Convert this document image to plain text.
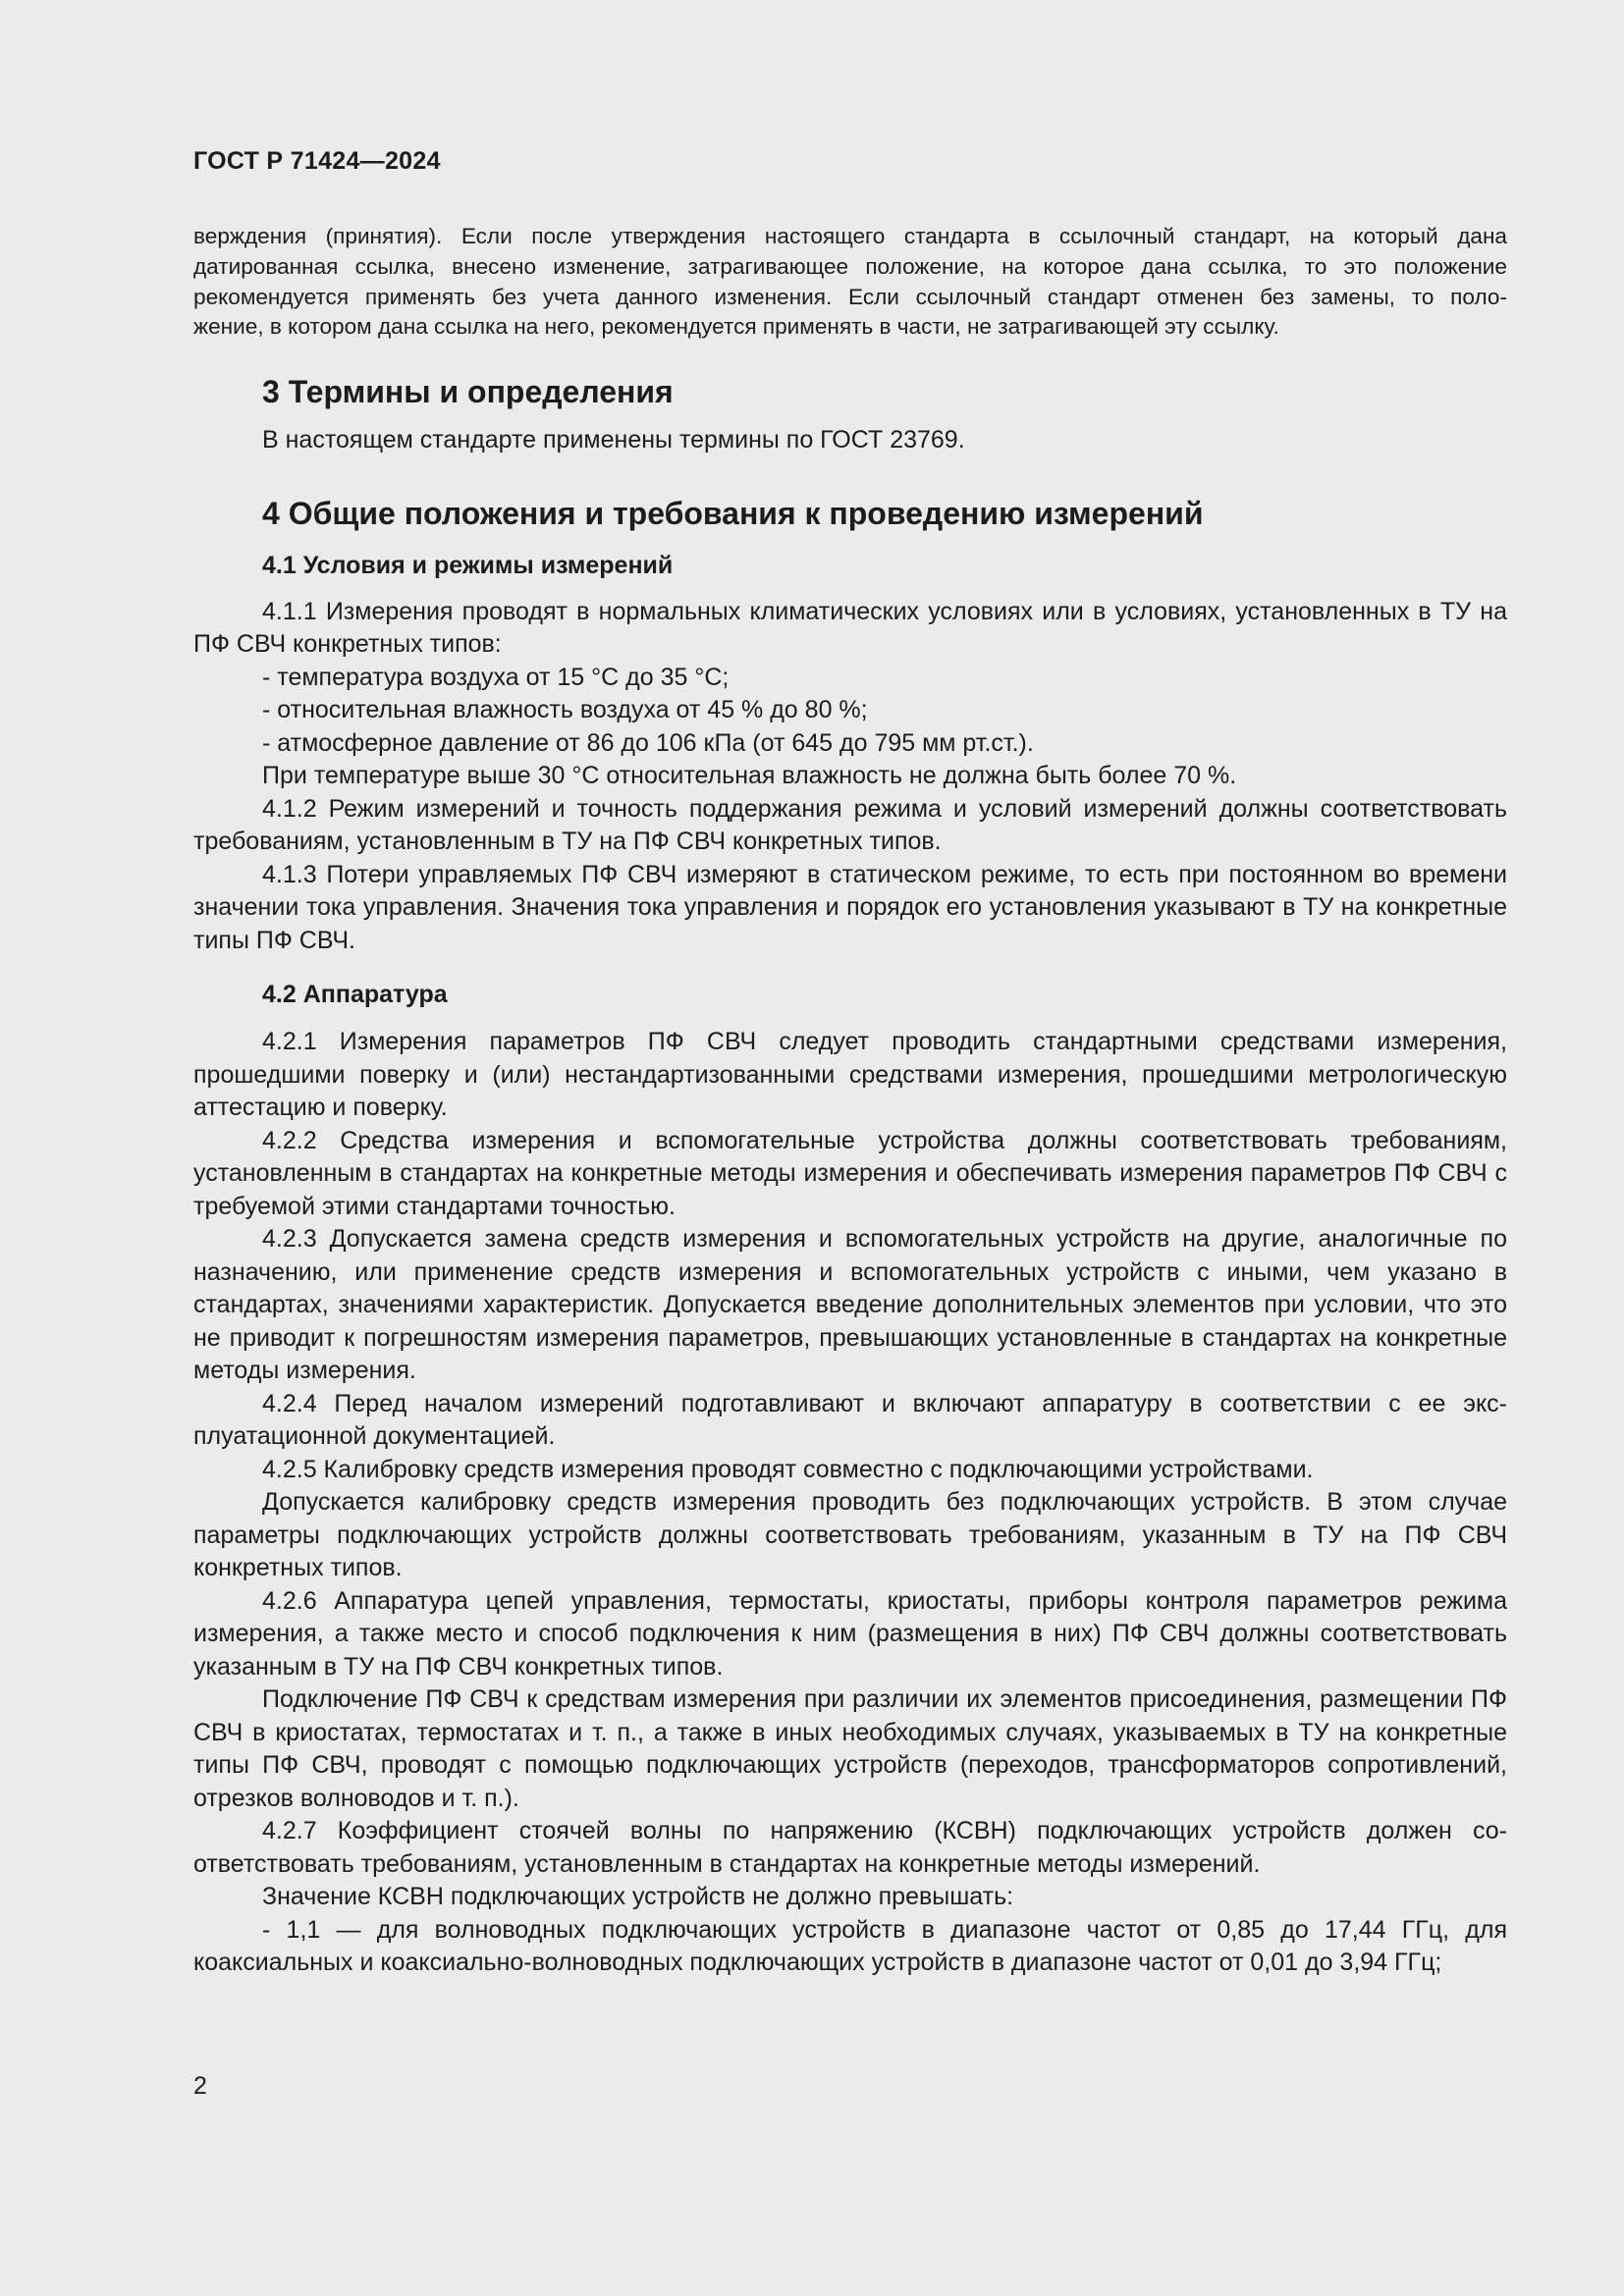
ГОСТ Р 71424—2024

верждения (принятия). Если после утверждения настоящего стандарта в ссылочный стандарт, на который дана

датированная ссылка, внесено изменение, затрагивающее положение, на которое дана ссылка, то это положение

рекомендуется применять без учета данного изменения. Если ссылочный стандарт отменен без замены, то поло-

жение, в котором дана ссылка на него, рекомендуется применять в части, не затрагивающей эту ссылку.

3 Термины и определения

В настоящем стандарте применены термины по ГОСТ 23769.

4 Общие положения и требования к проведению измерений

4.1 Условия и режимы измерений

4.1.1 Измерения проводят в нормальных климатических условиях или в условиях, установленных в ТУ на ПФ СВЧ конкретных типов:

- температура воздуха от 15 °С до 35 °С;

- относительная влажность воздуха от 45 % до 80 %;

- атмосферное давление от 86 до 106 кПа (от 645 до 795 мм рт.ст.).

При температуре выше 30 °С относительная влажность не должна быть более 70 %.

4.1.2 Режим измерений и точность поддержания режима и условий измерений должны соответствовать требованиям, установленным в ТУ на ПФ СВЧ конкретных типов.

4.1.3 Потери управляемых ПФ СВЧ измеряют в статическом режиме, то есть при постоянном во времени значении тока управления. Значения тока управления и порядок его установления указывают в ТУ на конкретные типы ПФ СВЧ.

4.2 Аппаратура

4.2.1 Измерения параметров ПФ СВЧ следует проводить стандартными средствами измерения, прошедшими поверку и (или) нестандартизованными средствами измерения, прошедшими метрологическую аттестацию и поверку.

4.2.2 Средства измерения и вспомогательные устройства должны соответствовать требованиям, установленным в стандартах на конкретные методы измерения и обеспечивать измерения параметров ПФ СВЧ с требуемой этими стандартами точностью.

4.2.3 Допускается замена средств измерения и вспомогательных устройств на другие, аналогичные по назначению, или применение средств измерения и вспомогательных устройств с иными, чем указано в стандартах, значениями характеристик. Допускается введение дополнительных элементов при условии, что это не приводит к погрешностям измерения параметров, превышающих установленные в стандартах на конкретные методы измерения.

4.2.4 Перед началом измерений подготавливают и включают аппаратуру в соответствии с ее эксплуатационной документацией.

4.2.5 Калибровку средств измерения проводят совместно с подключающими устройствами.

Допускается калибровку средств измерения проводить без подключающих устройств. В этом случае параметры подключающих устройств должны соответствовать требованиям, указанным в ТУ на ПФ СВЧ конкретных типов.

4.2.6 Аппаратура цепей управления, термостаты, криостаты, приборы контроля параметров режима измерения, а также место и способ подключения к ним (размещения в них) ПФ СВЧ должны соответствовать указанным в ТУ на ПФ СВЧ конкретных типов.

Подключение ПФ СВЧ к средствам измерения при различии их элементов присоединения, размещении ПФ СВЧ в криостатах, термостатах и т. п., а также в иных необходимых случаях, указываемых в ТУ на конкретные типы ПФ СВЧ, проводят с помощью подключающих устройств (переходов, трансформаторов сопротивлений, отрезков волноводов и т. п.).

4.2.7 Коэффициент стоячей волны по напряжению (КСВН) подключающих устройств должен соответствовать требованиям, установленным в стандартах на конкретные методы измерений.

Значение КСВН подключающих устройств не должно превышать:

- 1,1 — для волноводных подключающих устройств в диапазоне частот от 0,85 до 17,44 ГГц, для коаксиальных и коаксиально-волноводных подключающих устройств в диапазоне частот от 0,01 до 3,94 ГГц;

2
